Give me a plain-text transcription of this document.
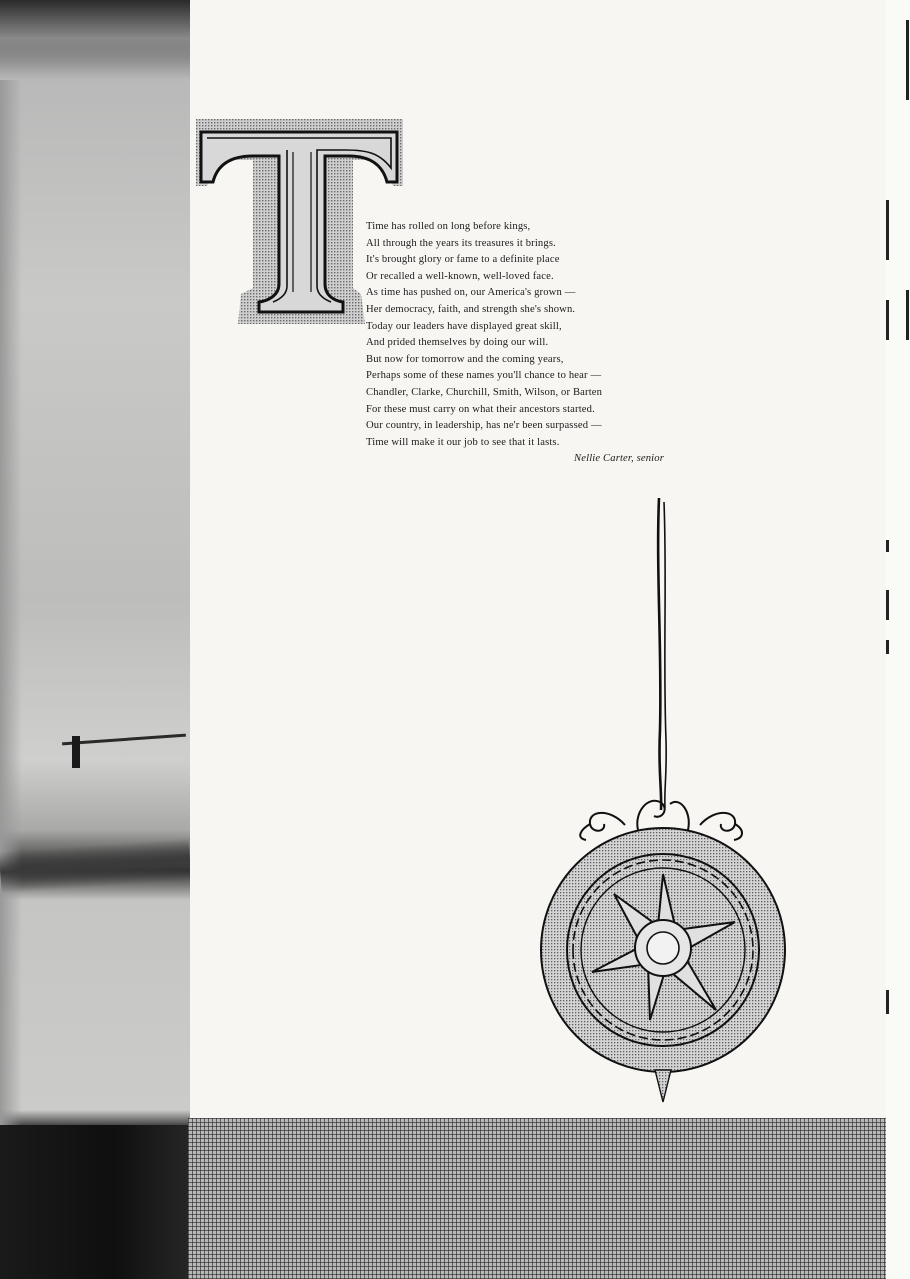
Time has rolled on long before kings,
All through the years its treasures it brings.
It's brought glory or fame to a definite place
Or recalled a well-known, well-loved face.
As time has pushed on, our America's grown —
Her democracy, faith, and strength she's shown.
Today our leaders have displayed great skill,
And prided themselves by doing our will.
But now for tomorrow and the coming years,
Perhaps some of these names you'll chance to hear —
Chandler, Clarke, Churchill, Smith, Wilson, or Barten
For these must carry on what their ancestors started.
Our country, in leadership, has ne'r been surpassed —
Time will make it our job to see that it lasts.
Nellie Carter, senior
